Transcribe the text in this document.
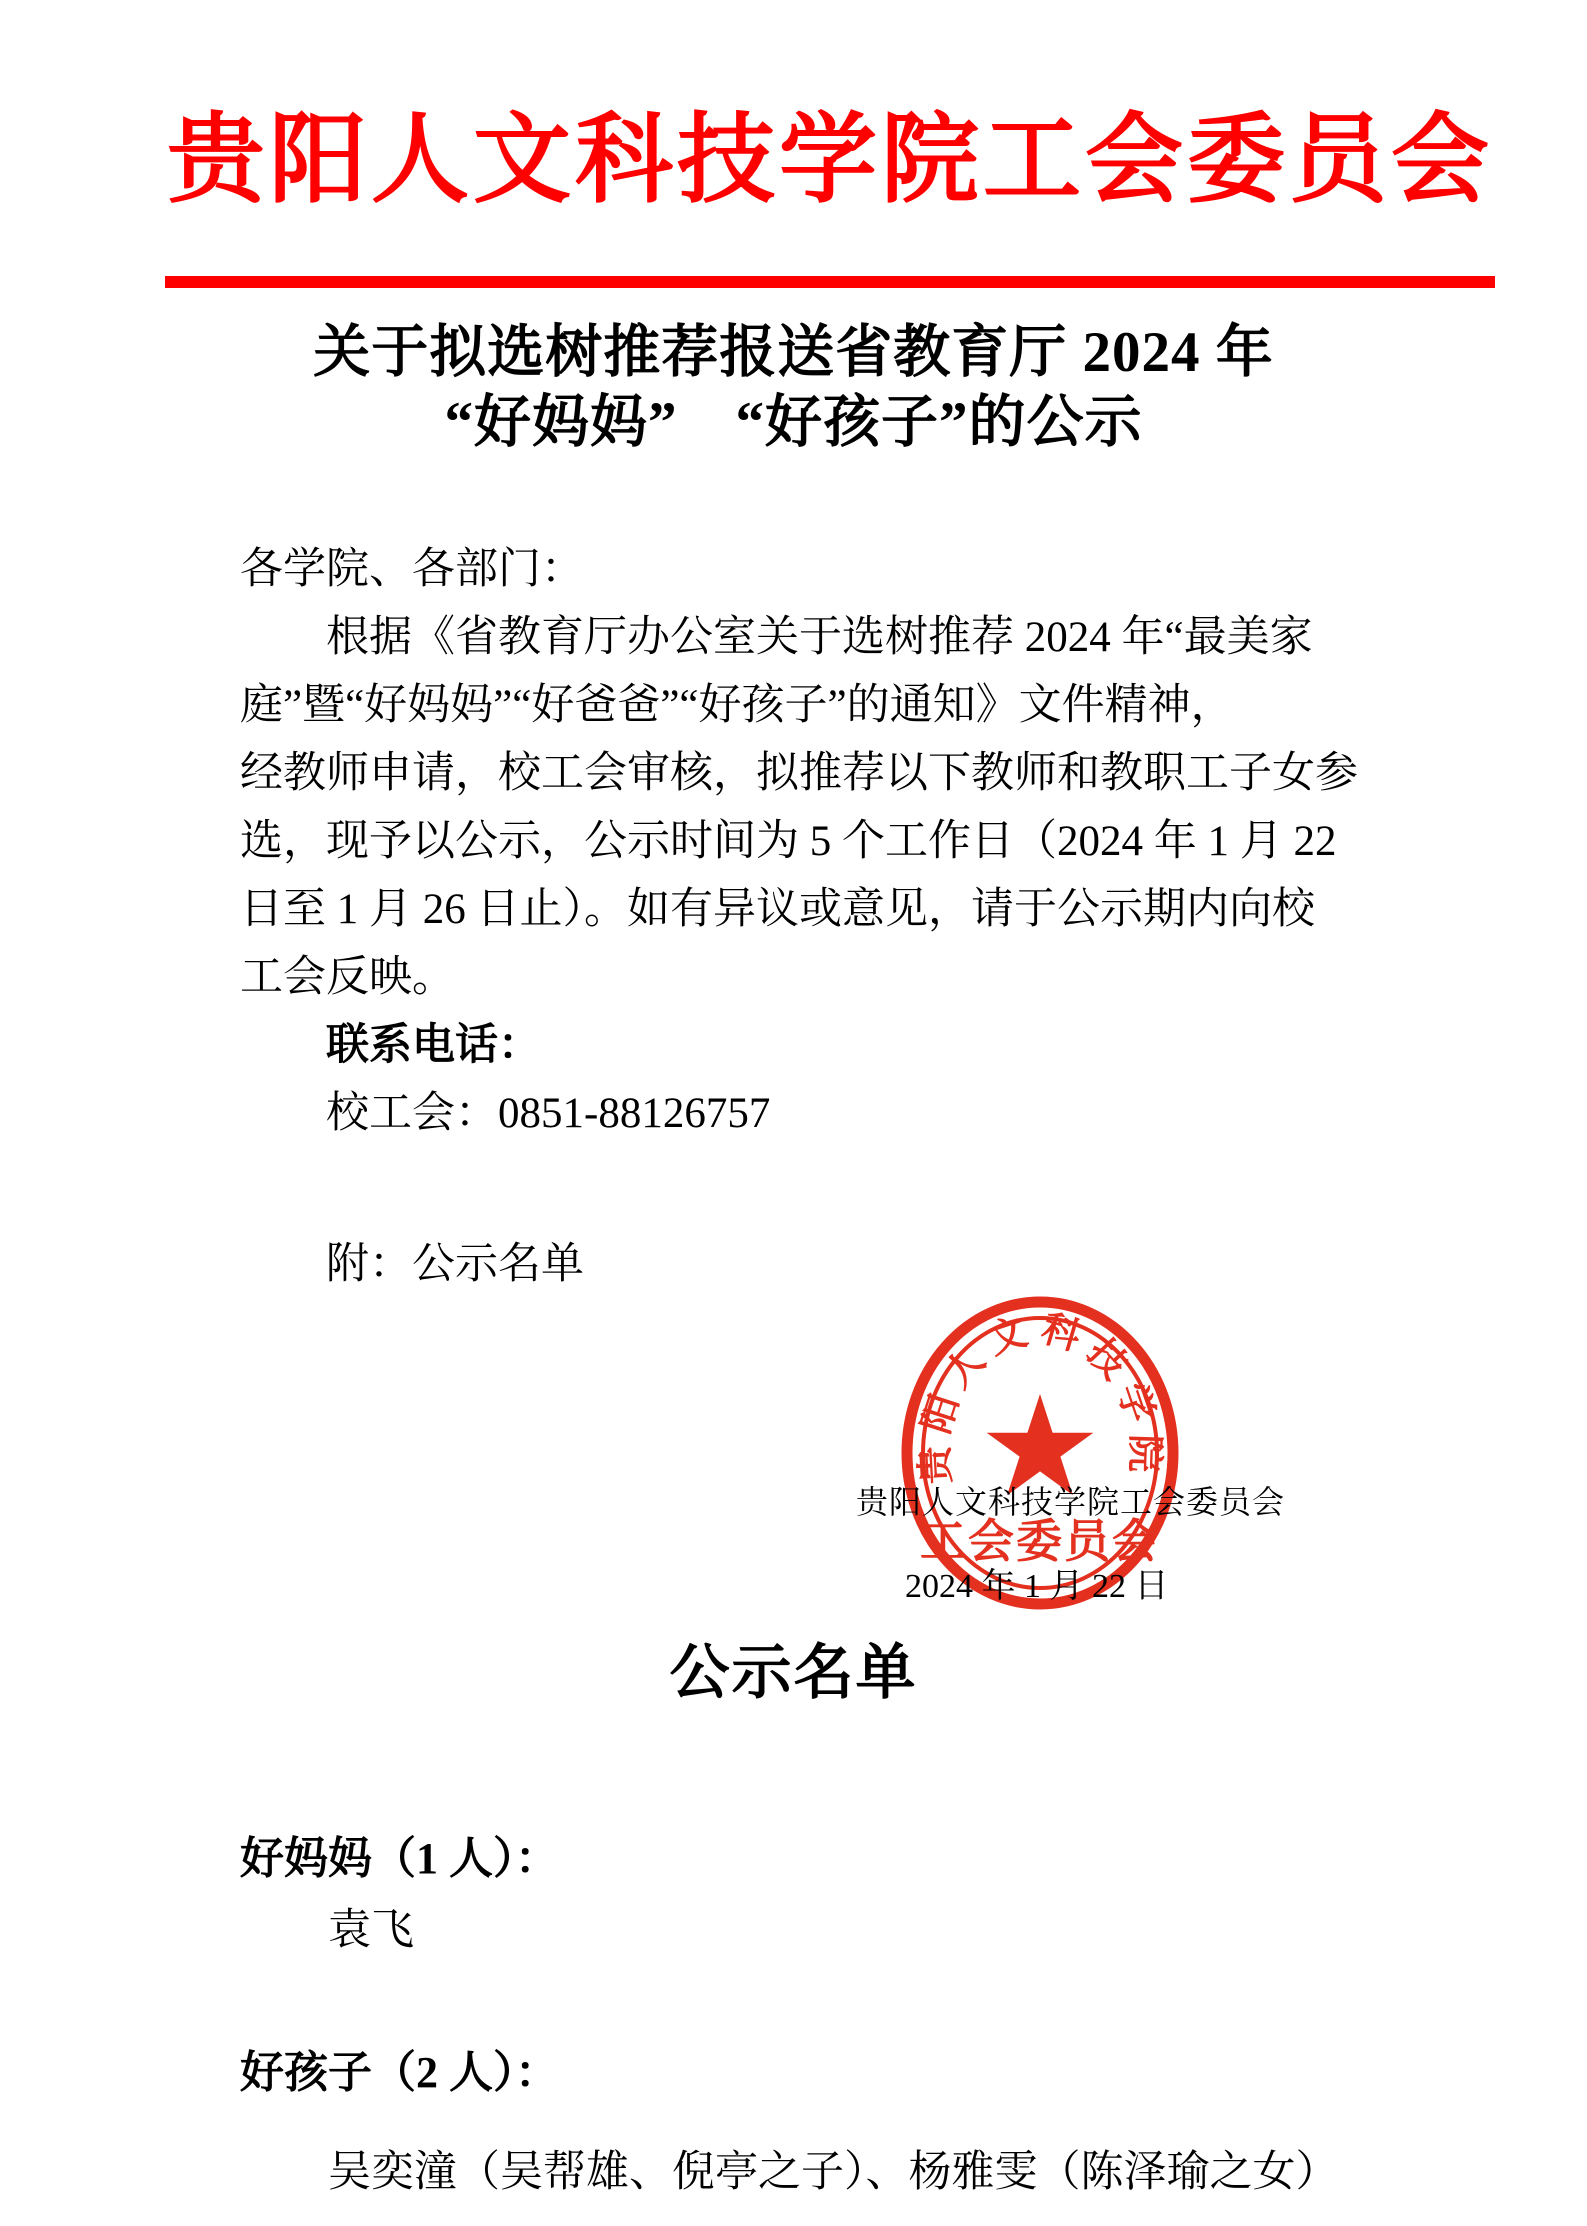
贵阳人文科技学院工会委员会
关于拟选树推荐报送省教育厅 2024 年
“好妈妈”　“好孩子”的公示
各学院、各部门：
根据《省教育厅办公室关于选树推荐 2024 年“最美家
庭”暨“好妈妈”“好爸爸”“好孩子”的通知》文件精神，
经教师申请，校工会审核，拟推荐以下教师和教职工子女参
选，现予以公示，公示时间为 5 个工作日（2024 年 1 月 22
日至 1 月 26 日止）。如有异议或意见，请于公示期内向校
工会反映。
联系电话：
校工会：0851-88126757
附：公示名单
贵阳人文科技学院
工会委员会
贵阳人文科技学院工会委员会
2024 年 1 月 22 日
公示名单
好妈妈（1 人）：
袁飞
好孩子（2 人）：
吴奕潼（吴帮雄、倪亭之子）、杨雅雯（陈泽瑜之女）
